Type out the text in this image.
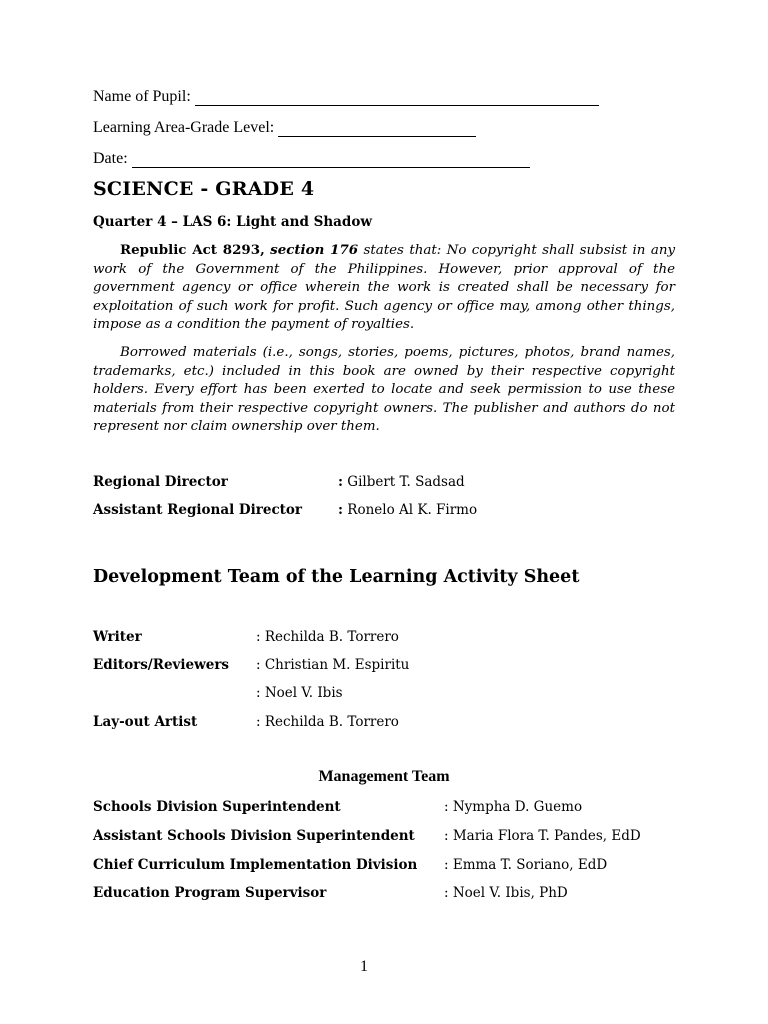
Name of Pupil:
Learning Area-Grade Level:
Date:
SCIENCE - GRADE 4
Quarter 4 – LAS 6: Light and Shadow

Republic Act 8293, section 176 states that: No copyright shall subsist in any work of the Government of the Philippines. However, prior approval of the government agency or office wherein the work is created shall be necessary for exploitation of such work for profit. Such agency or office may, among other things, impose as a condition the payment of royalties.

Borrowed materials (i.e., songs, stories, poems, pictures, photos, brand names, trademarks, etc.) included in this book are owned by their respective copyright holders. Every effort has been exerted to locate and seek permission to use these materials from their respective copyright owners. The publisher and authors do not represent nor claim ownership over them.

Regional Director	: Gilbert T. Sadsad
Assistant Regional Director	: Ronelo Al K. Firmo
Development Team of the Learning Activity Sheet
Writer	: Rechilda B. Torrero
Editors/Reviewers : Christian M. Espiritu
: Noel V. Ibis
Lay-out Artist	: Rechilda B. Torrero
Management Team
Schools Division Superintendent	: Nympha D. Guemo
Assistant Schools Division Superintendent : Maria Flora T. Pandes, EdD
Chief Curriculum Implementation Division : Emma T. Soriano, EdD
Education Program Supervisor	: Noel V. Ibis, PhD
1
